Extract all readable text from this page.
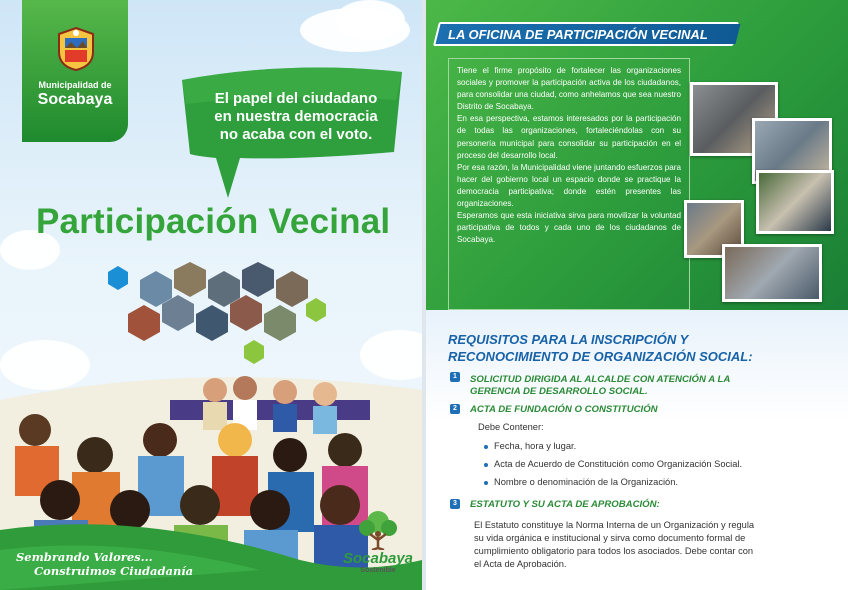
Municipalidad de
Socabaya	El papel del ciudadano
en nuestra democracia
no acaba con el voto.
Participación Vecinal
Sembrando Valores...
Construimos Ciudadanía
Socabaya
Sostenible
LA OFICINA DE PARTICIPACIÓN VECINAL

Tiene el firme propósito de fortalecer las organizaciones sociales y promover la participación activa de los ciudadanos, para consolidar una ciudad, como anhelamos que sea nuestro Distrito de Socabaya.

En esa perspectiva, estamos interesados por la participación de todas las organizaciones, fortaleciéndolas con su personería municipal para consolidar su participación en el proceso del desarrollo local.

Por esa razón, la Municipalidad viene juntando esfuerzos para hacer del gobierno local un espacio donde se practique la democracia participativa; donde estén presentes las organizaciones.

Esperamos que esta iniciativa sirva para movilizar la voluntad participativa de todos y cada uno de los ciudadanos de Socabaya.

REQUISITOS PARA LA INSCRIPCIÓN Y
RECONOCIMIENTO DE ORGANIZACIÓN SOCIAL:
1	SOLICITUD DIRIGIDA AL ALCALDE CON ATENCIÓN A LA
GERENCIA DE DESARROLLO SOCIAL.
2	ACTA DE FUNDACIÓN O CONSTITUCIÓN
Debe Contener:
Fecha, hora y lugar.
Acta de Acuerdo de Constitución como Organización Social.
Nombre o denominación de la Organización.
3	ESTATUTO Y SU ACTA DE APROBACIÓN:
El Estatuto constituye la Norma Interna de un Organización y regula
su vida orgánica e institucional y sirva como documento formal de
cumplimiento obligatorio para todos los asociados. Debe contar con
el Acta de Aprobación.
